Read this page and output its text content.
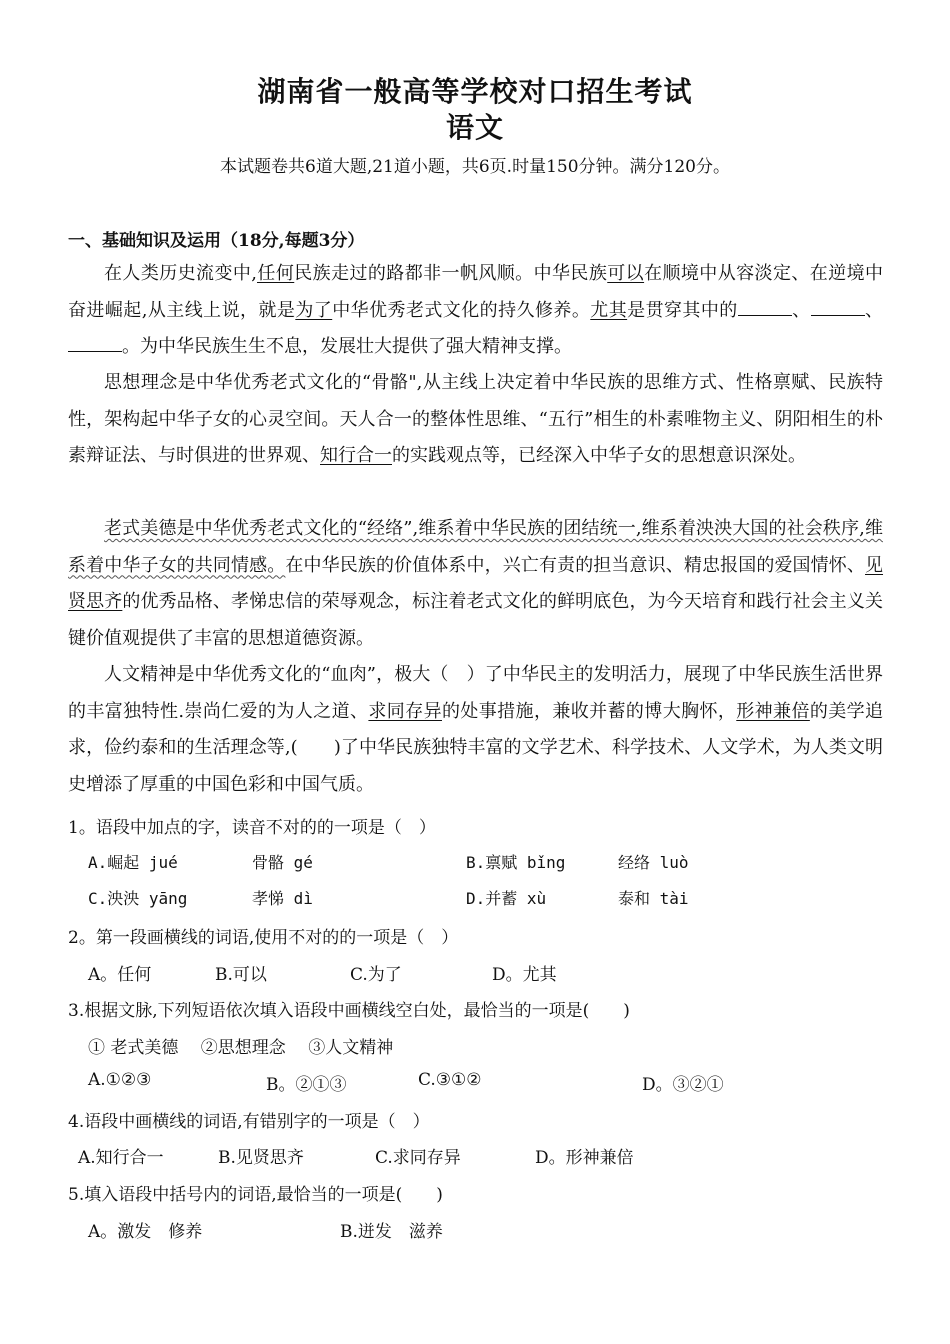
湖南省一般高等学校对口招生考试
语文
本试题卷共6道大题,21道小题，共6页.时量150分钟。满分120分。
一、基础知识及运用（18分,每题3分）

在人类历史流变中,任何民族走过的路都非一帆风顺。中华民族可以在顺境中从容淡定、在逆境中奋进崛起,从主线上说，就是为了中华优秀老式文化的持久修养。尤其是贯穿其中的	、	、。为中华民族生生不息，发展壮大提供了强大精神支撑。

思想理念是中华优秀老式文化的“骨骼",从主线上决定着中华民族的思维方式、性格禀赋、民族特性，架构起中华子女的心灵空间。天人合一的整体性思维、“五行”相生的朴素唯物主义、阴阳相生的朴素辩证法、与时俱进的世界观、知行合一的实践观点等，已经深入中华子女的思想意识深处。

老式美德是中华优秀老式文化的“经络”,维系着中华民族的团结统一,维系着泱泱大国的社会秩序,维系着中华子女的共同情感。在中华民族的价值体系中，兴亡有责的担当意识、精忠报国的爱国情怀、见贤思齐的优秀品格、孝悌忠信的荣辱观念，标注着老式文化的鲜明底色，为今天培育和践行社会主义关键价值观提供了丰富的思想道德资源。

人文精神是中华优秀文化的“血肉”，极大（　）了中华民主的发明活力，展现了中华民族生活世界的丰富独特性.崇尚仁爱的为人之道、求同存异的处事措施，兼收并蓄的博大胸怀，形神兼倍的美学追求，俭约泰和的生活理念等,(　　)了中华民族独特丰富的文学艺术、科学技术、人文学术，为人类文明史增添了厚重的中国色彩和中国气质。

1。语段中加点的字，读音不对的的一项是（　）
A.崛起 jué	骨骼 gé	B.禀赋 bǐng	经络 luò
C.泱泱 yāng	孝悌 dì	D.并蓄 xù	泰和 tài
2。第一段画横线的词语,使用不对的的一项是（　）
A。任何	B.可以	C.为了	D。尤其
3.根据文脉,下列短语依次填入语段中画横线空白处，最恰当的一项是(　　)
① 老式美德　 ②思想理念　 ③人文精神
A.①②③	B。②①③	C.③①②	D。③②①
4.语段中画横线的词语,有错别字的一项是（　）
A.知行合一	B.见贤思齐	C.求同存异	D。形神兼倍
5.填入语段中括号内的词语,最恰当的一项是(　　)
A。激发　修养	B.迸发　滋养
